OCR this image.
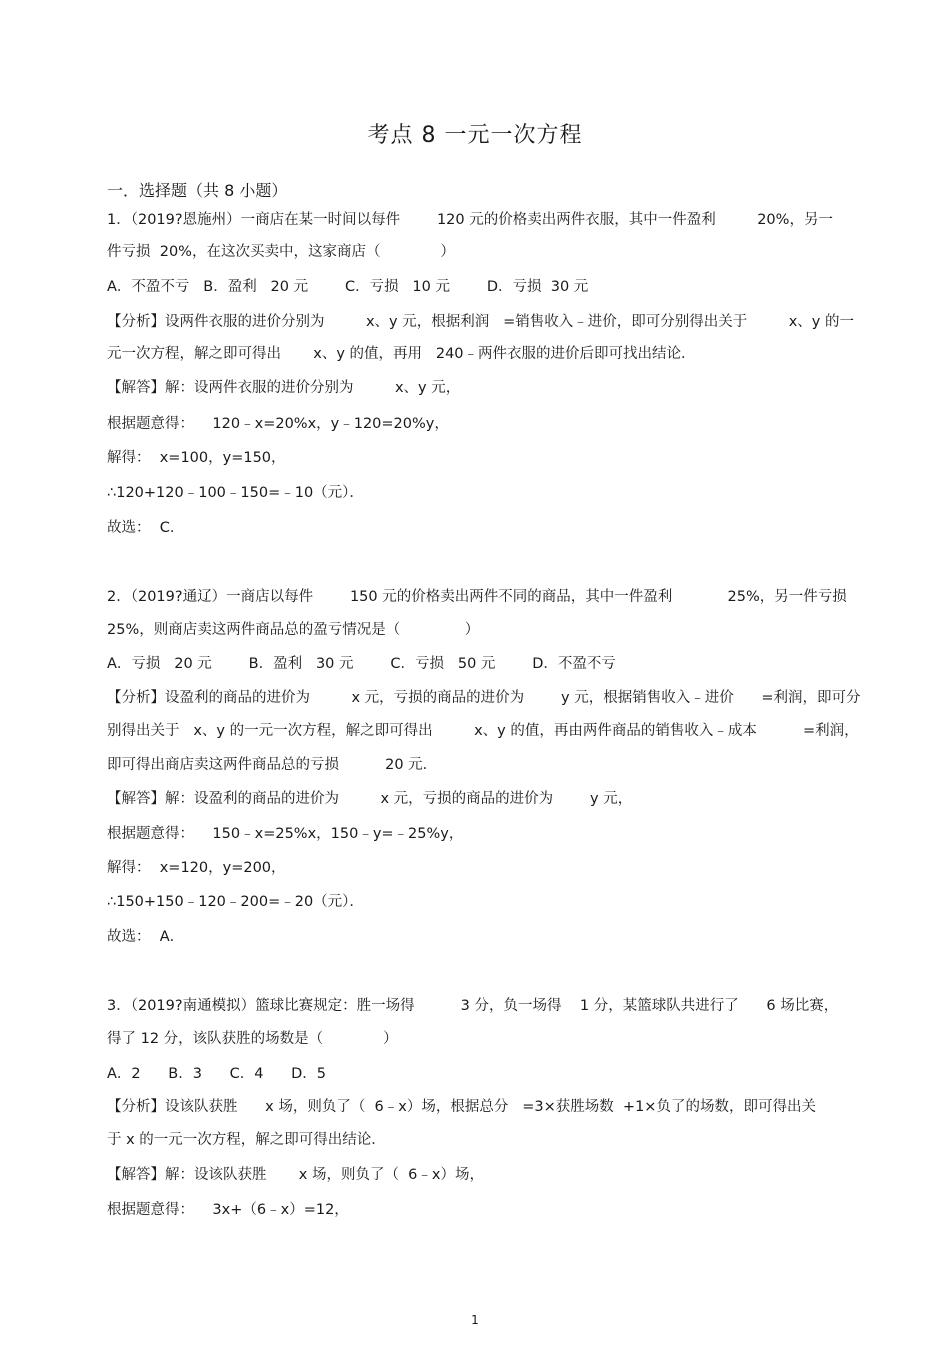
考点 8 一元一次方程
一．选择题（共 8 小题）
1．（2019?恩施州）一商店在某一时间以每件        120 元的价格卖出两件衣服，其中一件盈利         20%，另一
件亏损  20%，在这次买卖中，这家商店（             ）
A．不盈不亏   B．盈利   20 元        C．亏损   10 元        D．亏损  30 元
【分析】设两件衣服的进价分别为         x、y 元，根据利润   =销售收入﹣进价，即可分别得出关于         x、y 的一
元一次方程，解之即可得出       x、y 的值，再用   240﹣两件衣服的进价后即可找出结论．
【解答】解：设两件衣服的进价分别为         x、y 元，
根据题意得：    120﹣x=20%x，y﹣120=20%y，
解得：  x=100，y=150，
∴120+120﹣100﹣150=﹣10（元）．
故选：  C．
2．（2019?通辽）一商店以每件        150 元的价格卖出两件不同的商品，其中一件盈利            25%，另一件亏损
25%，则商店卖这两件商品总的盈亏情况是（              ）
A．亏损   20 元        B．盈利   30 元        C．亏损   50 元        D．不盈不亏
【分析】设盈利的商品的进价为         x 元，亏损的商品的进价为        y 元，根据销售收入﹣进价      =利润，即可分
别得出关于   x、y 的一元一次方程，解之即可得出         x、y 的值，再由两件商品的销售收入﹣成本          =利润，
即可得出商店卖这两件商品总的亏损          20 元．
【解答】解：设盈利的商品的进价为         x 元，亏损的商品的进价为        y 元，
根据题意得：    150﹣x=25%x，150﹣y=﹣25%y，
解得：  x=120，y=200，
∴150+150﹣120﹣200=﹣20（元）．
故选：  A．
3．（2019?南通模拟）篮球比赛规定：胜一场得          3 分，负一场得    1 分，某篮球队共进行了      6 场比赛，
得了 12 分，该队获胜的场数是（             ）
A．2      B．3      C．4      D．5
【分析】设该队获胜      x 场，则负了（  6﹣x）场，根据总分   =3×获胜场数  +1×负了的场数，即可得出关
于 x 的一元一次方程，解之即可得出结论．
【解答】解：设该队获胜       x 场，则负了（  6﹣x）场，
根据题意得：    3x+（6﹣x）=12，
1
